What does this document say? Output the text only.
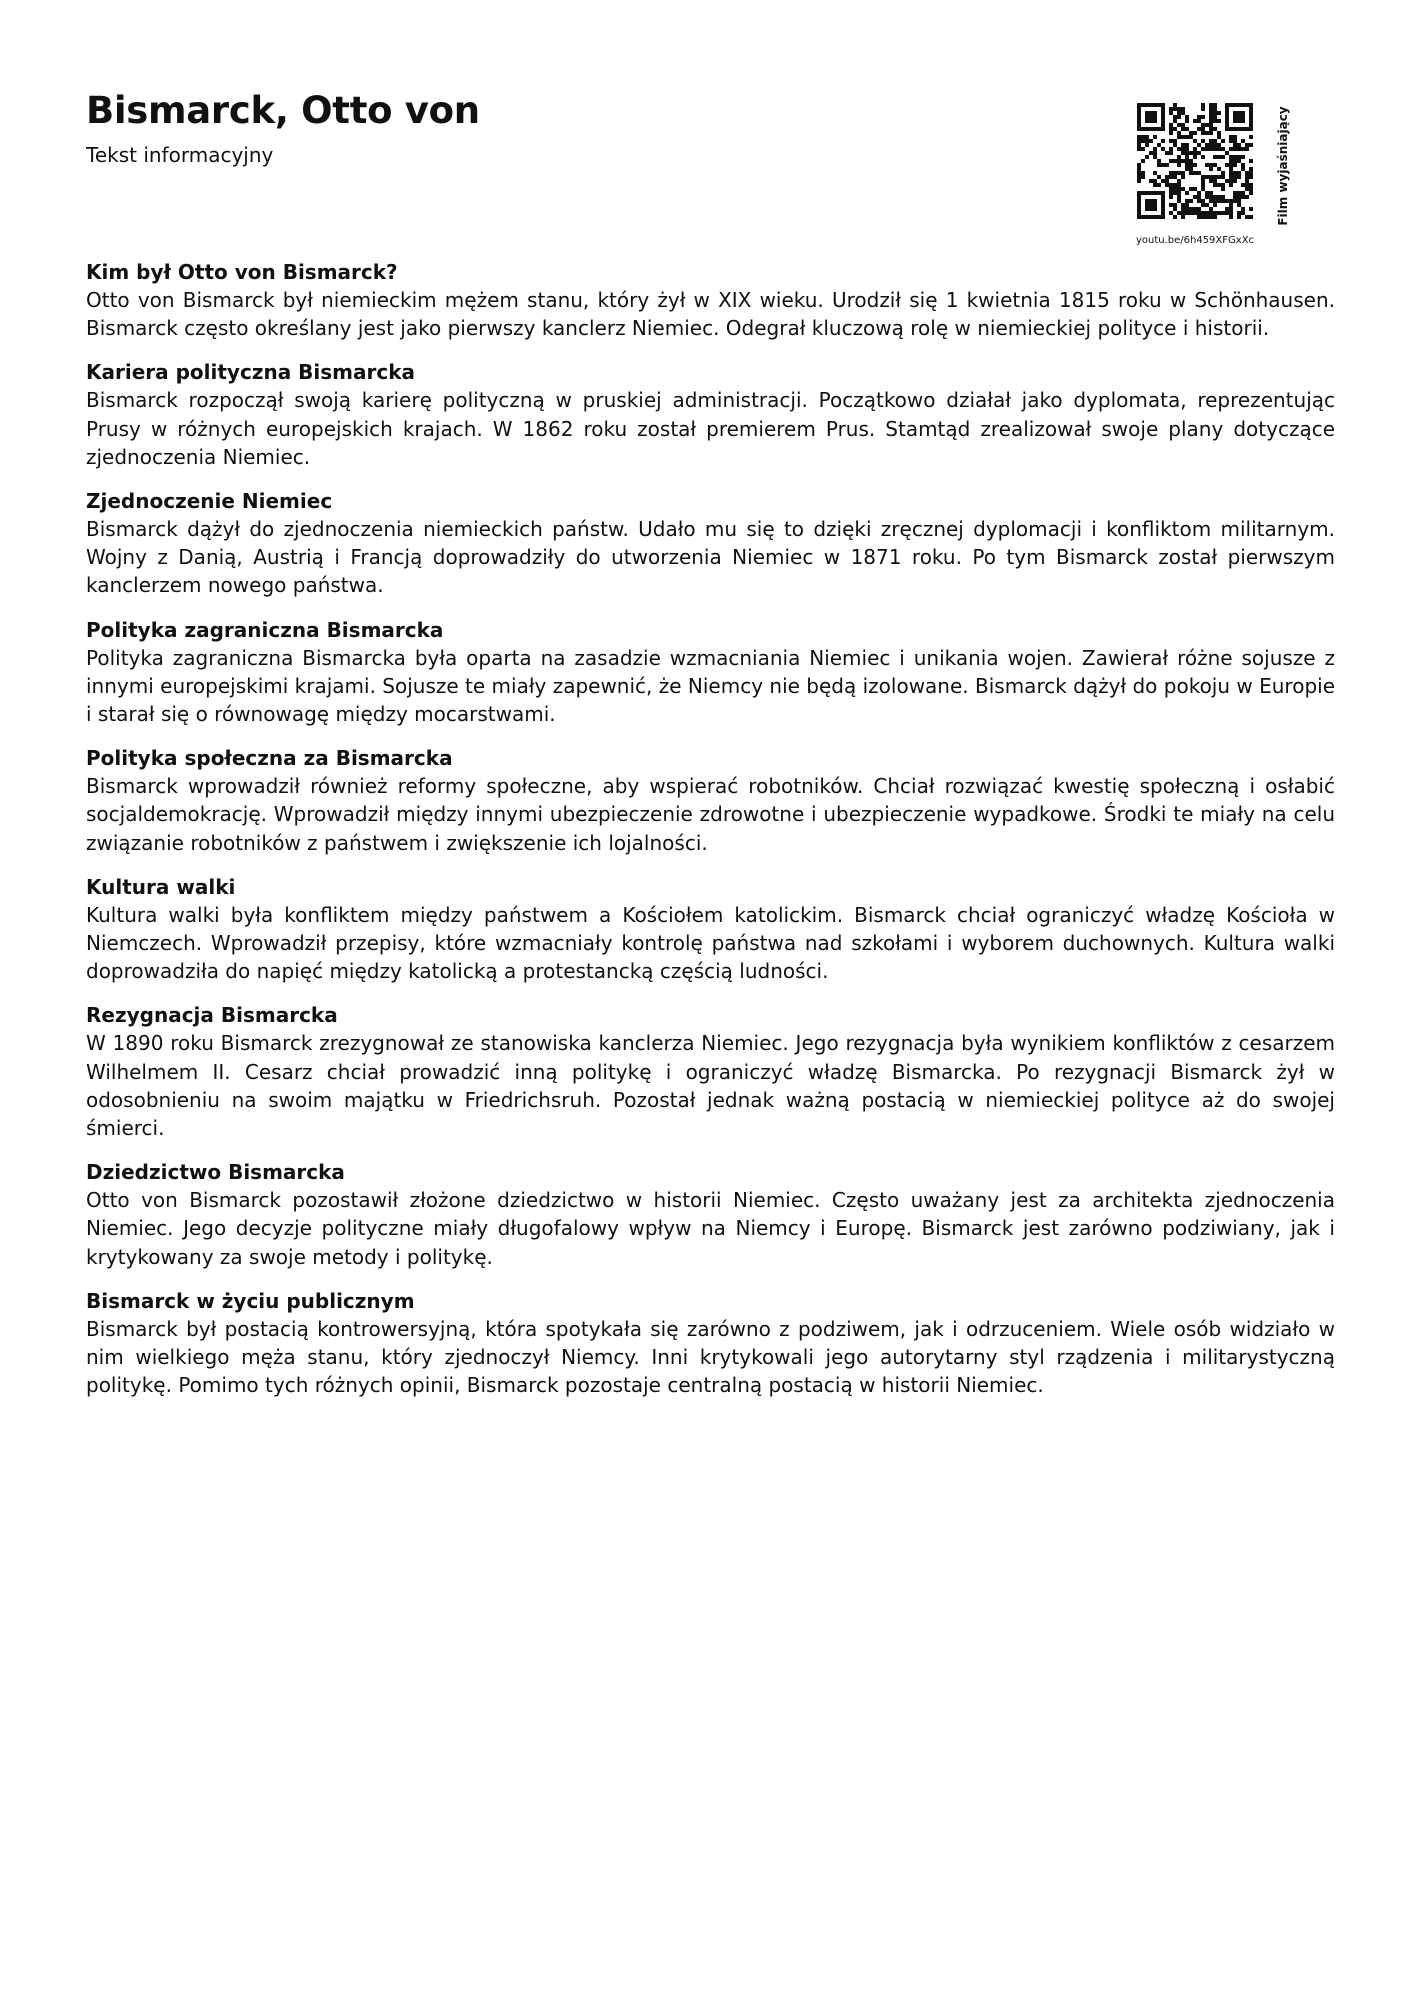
Bismarck, Otto von
Tekst informacyjny
youtu.be/6h459XFGxXc
Film wyjaśniający
Kim był Otto von Bismarck?

Otto von Bismarck był niemieckim mężem stanu, który żył w XIX wieku. Urodził się 1 kwietnia 1815 roku w Schönhausen. Bismarck często określany jest jako pierwszy kanclerz Niemiec. Odegrał kluczową rolę w niemieckiej polityce i historii.

Kariera polityczna Bismarcka

Bismarck rozpoczął swoją karierę polityczną w pruskiej administracji. Początkowo działał jako dyplomata, reprezentując Prusy w różnych europejskich krajach. W 1862 roku został premierem Prus. Stamtąd zrealizował swoje plany dotyczące zjednoczenia Niemiec.

Zjednoczenie Niemiec

Bismarck dążył do zjednoczenia niemieckich państw. Udało mu się to dzięki zręcznej dyplomacji i konfliktom militarnym. Wojny z Danią, Austrią i Francją doprowadziły do utworzenia Niemiec w 1871 roku. Po tym Bismarck został pierwszym kanclerzem nowego państwa.

Polityka zagraniczna Bismarcka

Polityka zagraniczna Bismarcka była oparta na zasadzie wzmacniania Niemiec i unikania wojen. Zawierał różne sojusze z innymi europejskimi krajami. Sojusze te miały zapewnić, że Niemcy nie będą izolowane. Bismarck dążył do pokoju w Europie i starał się o równowagę między mocarstwami.

Polityka społeczna za Bismarcka

Bismarck wprowadził również reformy społeczne, aby wspierać robotników. Chciał rozwiązać kwestię społeczną i osłabić socjaldemokrację. Wprowadził między innymi ubezpieczenie zdrowotne i ubezpieczenie wypadkowe. Środki te miały na celu związanie robotników z państwem i zwiększenie ich lojalności.

Kultura walki

Kultura walki była konfliktem między państwem a Kościołem katolickim. Bismarck chciał ograniczyć władzę Kościoła w Niemczech. Wprowadził przepisy, które wzmacniały kontrolę państwa nad szkołami i wyborem duchownych. Kultura walki doprowadziła do napięć między katolicką a protestancką częścią ludności.

Rezygnacja Bismarcka

W 1890 roku Bismarck zrezygnował ze stanowiska kanclerza Niemiec. Jego rezygnacja była wynikiem konfliktów z cesarzem Wilhelmem II. Cesarz chciał prowadzić inną politykę i ograniczyć władzę Bismarcka. Po rezygnacji Bismarck żył w odosobnieniu na swoim majątku w Friedrichsruh. Pozostał jednak ważną postacią w niemieckiej polityce aż do swojej śmierci.

Dziedzictwo Bismarcka

Otto von Bismarck pozostawił złożone dziedzictwo w historii Niemiec. Często uważany jest za architekta zjednoczenia Niemiec. Jego decyzje polityczne miały długofalowy wpływ na Niemcy i Europę. Bismarck jest zarówno podziwiany, jak i krytykowany za swoje metody i politykę.

Bismarck w życiu publicznym

Bismarck był postacią kontrowersyjną, która spotykała się zarówno z podziwem, jak i odrzuceniem. Wiele osób widziało w nim wielkiego męża stanu, który zjednoczył Niemcy. Inni krytykowali jego autorytarny styl rządzenia i militarystyczną politykę. Pomimo tych różnych opinii, Bismarck pozostaje centralną postacią w historii Niemiec.
